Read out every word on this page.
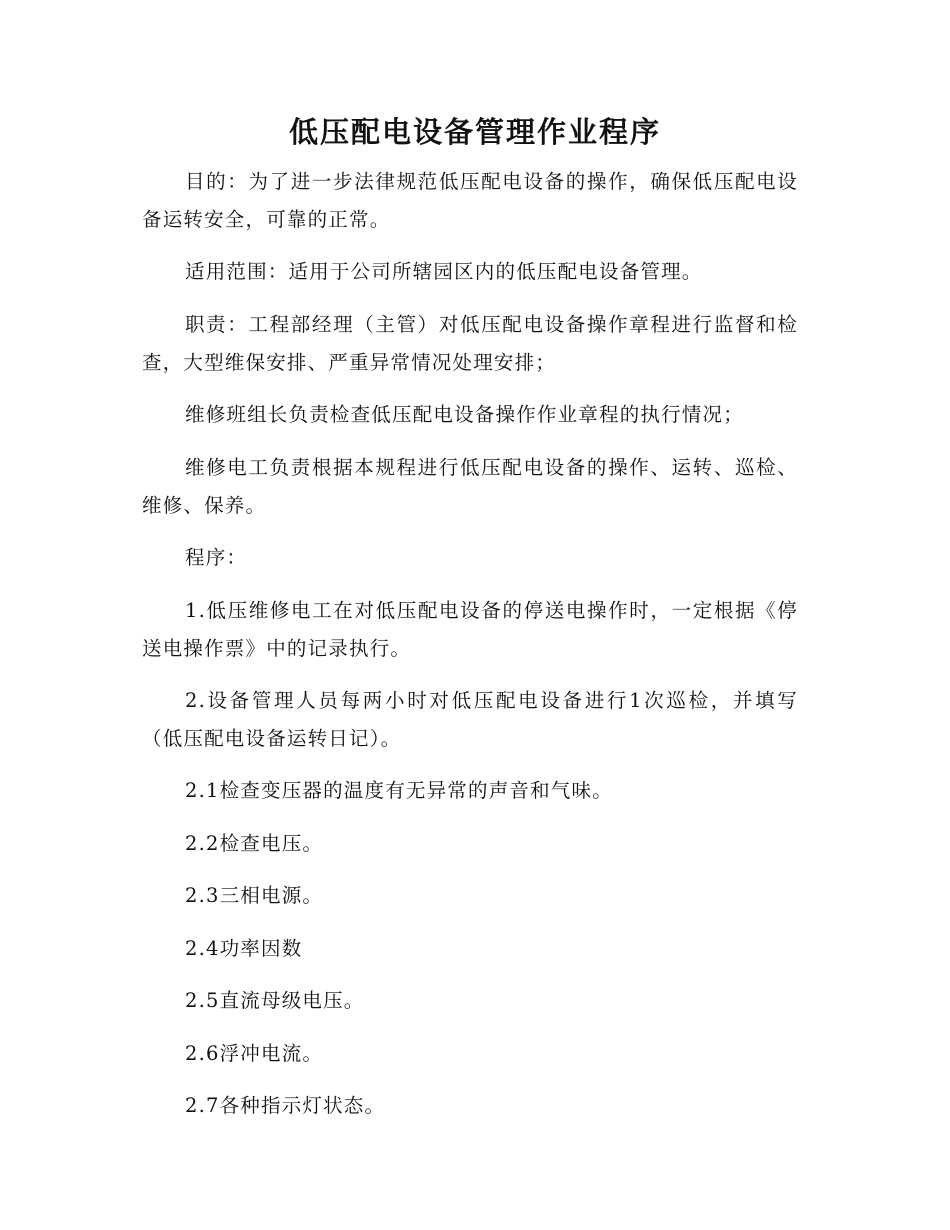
低压配电设备管理作业程序

目的：为了进一步法律规范低压配电设备的操作，确保低压配电设备运转安全，可靠的正常。

适用范围：适用于公司所辖园区内的低压配电设备管理。

职责：工程部经理（主管）对低压配电设备操作章程进行监督和检查，大型维保安排、严重异常情况处理安排；

维修班组长负责检查低压配电设备操作作业章程的执行情况；

维修电工负责根据本规程进行低压配电设备的操作、运转、巡检、维修、保养。

程序：

1.低压维修电工在对低压配电设备的停送电操作时，一定根据《停送电操作票》中的记录执行。

2.设备管理人员每两小时对低压配电设备进行1次巡检，并填写（低压配电设备运转日记）。

2.1检查变压器的温度有无异常的声音和气味。

2.2检查电压。

2.3三相电源。

2.4功率因数

2.5直流母级电压。

2.6浮冲电流。

2.7各种指示灯状态。
